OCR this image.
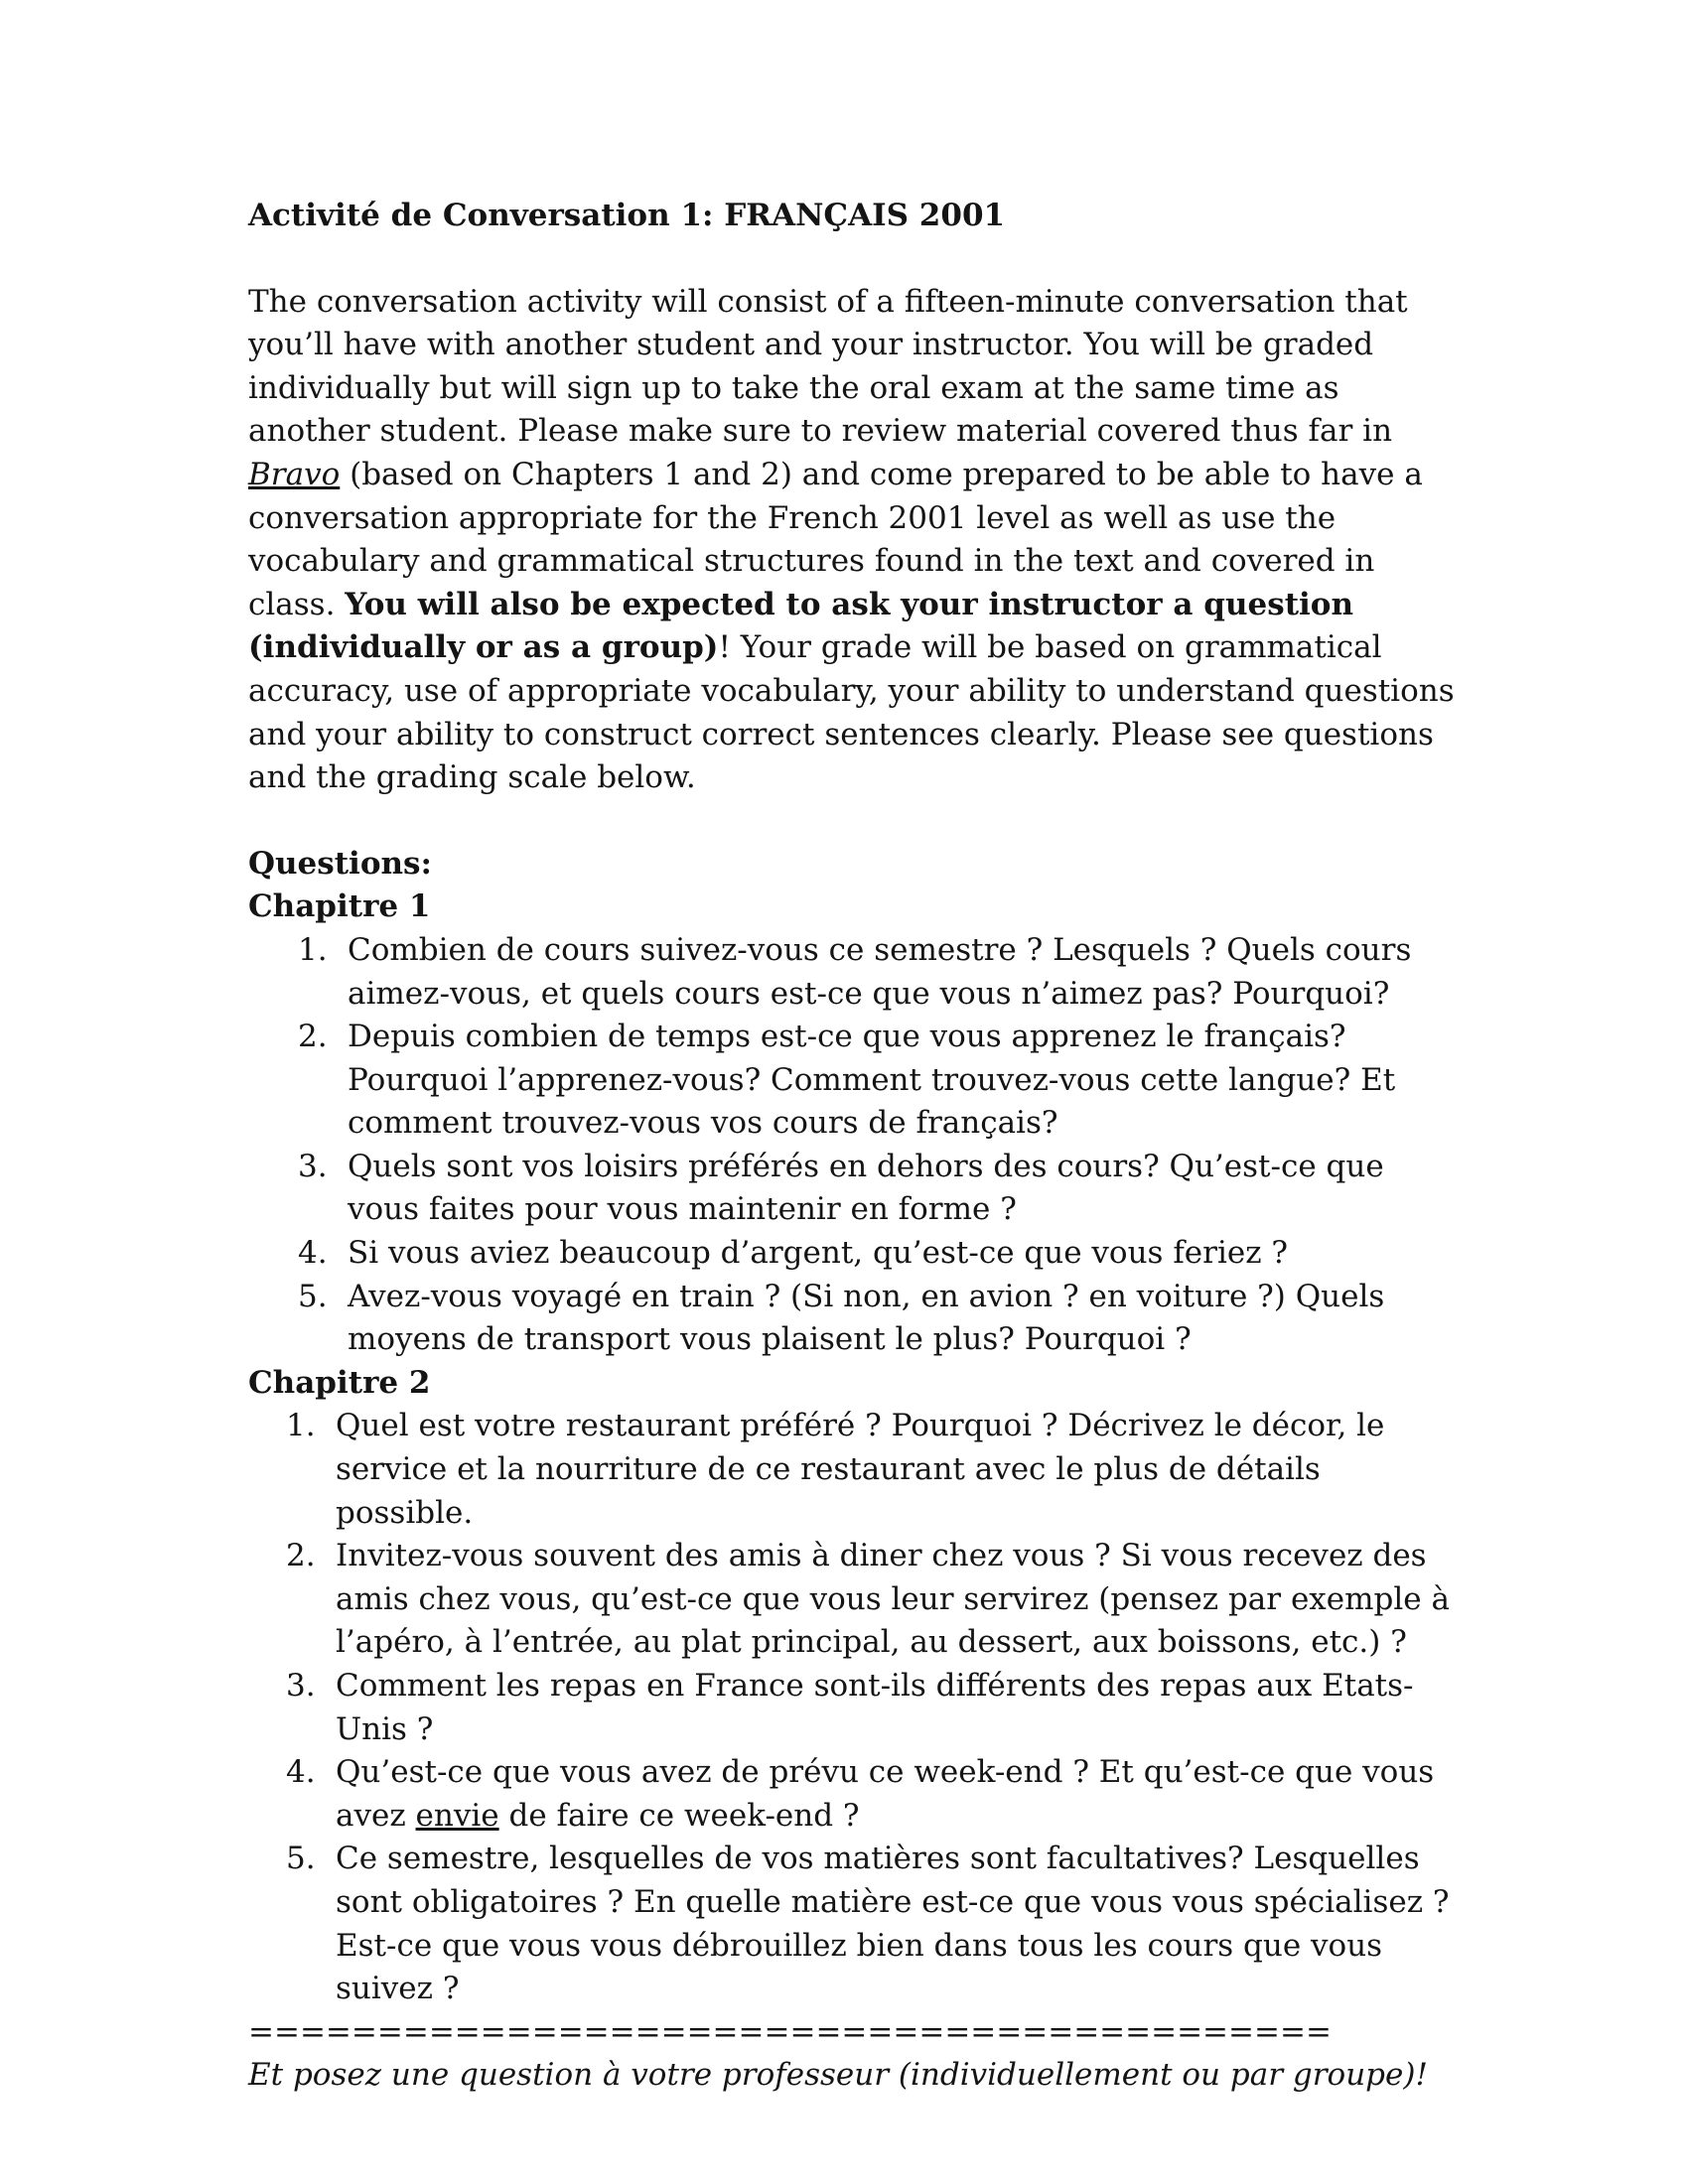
Activité de Conversation 1: FRANÇAIS 2001

The conversation activity will consist of a fifteen-minute conversation that you’ll have with another student and your instructor. You will be graded individually but will sign up to take the oral exam at the same time as another student. Please make sure to review material covered thus far in Bravo (based on Chapters 1 and 2) and come prepared to be able to have a conversation appropriate for the French 2001 level as well as use the vocabulary and grammatical structures found in the text and covered in class. You will also be expected to ask your instructor a question (individually or as a group)! Your grade will be based on grammatical accuracy, use of appropriate vocabulary, your ability to understand questions and your ability to construct correct sentences clearly. Please see questions and the grading scale below.

Questions:

Chapitre 1

1. Combien de cours suivez-vous ce semestre ? Lesquels ? Quels cours aimez-vous, et quels cours est-ce que vous n’aimez pas? Pourquoi?
2. Depuis combien de temps est-ce que vous apprenez le français? Pourquoi l’apprenez-vous? Comment trouvez-vous cette langue? Et comment trouvez-vous vos cours de français?
3. Quels sont vos loisirs préférés en dehors des cours? Qu’est-ce que vous faites pour vous maintenir en forme ?
4. Si vous aviez beaucoup d’argent, qu’est-ce que vous feriez ?
5. Avez-vous voyagé en train ? (Si non, en avion ? en voiture ?) Quels moyens de transport vous plaisent le plus? Pourquoi ?

Chapitre 2

1. Quel est votre restaurant préféré ? Pourquoi ? Décrivez le décor, le service et la nourriture de ce restaurant avec le plus de détails possible.
2. Invitez-vous souvent des amis à diner chez vous ? Si vous recevez des amis chez vous, qu’est-ce que vous leur servirez (pensez par exemple à l’apéro, à l’entrée, au plat principal, au dessert, aux boissons, etc.) ?
3. Comment les repas en France sont-ils différents des repas aux Etats-Unis ?
4. Qu’est-ce que vous avez de prévu ce week-end ? Et qu’est-ce que vous avez envie de faire ce week-end ?
5. Ce semestre, lesquelles de vos matières sont facultatives? Lesquelles sont obligatoires ? En quelle matière est-ce que vous vous spécialisez ? Est-ce que vous vous débrouillez bien dans tous les cours que vous suivez ?

==========================================

Et posez une question à votre professeur (individuellement ou par groupe)!
